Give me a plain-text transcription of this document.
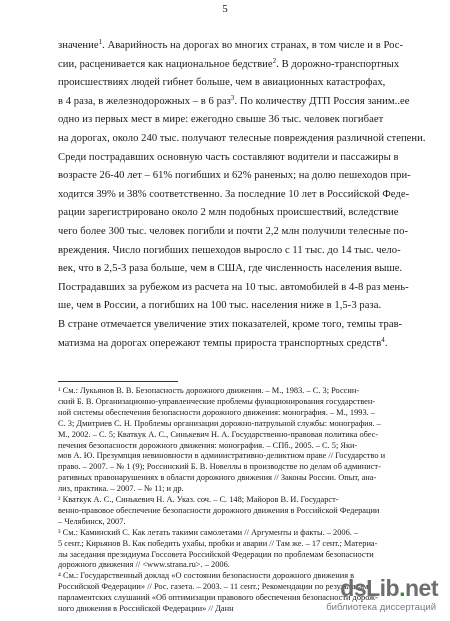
5
значение$^1$. Аварийность на дорогах во многих странах, в том числе и в Рос-
сии, расценивается как национальное бедствие$^2$. В дорожно-транспортных
происшествиях людей гибнет больше, чем в авиационных катастрофах,
в 4 раза, в железнодорожных – в 6 раз$^3$. По количеству ДТП Россия заним..ее
одно из первых мест в мире: ежегодно свыше 36 тыс. человек погибает
на дорогах, около 240 тыс. получают телесные повреждения различной степени.
Среди пострадавших основную часть составляют водители и пассажиры в
возрасте 26-40 лет – 61% погибших и 62% раненых; на долю пешеходов при-
ходится 39% и 38% соответственно. За последние 10 лет в Российской Феде-
рации зарегистрировано около 2 млн подобных происшествий, вследствие
чего более 300 тыс. человек погибли и почти 2,2 млн получили телесные по-
вреждения. Число погибших пешеходов выросло с 11 тыс. до 14 тыс. чело-
век, что в 2,5-3 раза больше, чем в США, где численность населения выше.
Пострадавших за рубежом из расчета на 10 тыс. автомобилей в 4-8 раз мень-
ше, чем в России, а погибших на 100 тыс. населения ниже в 1,5-3 раза.
В стране отмечается увеличение этих показателей, кроме того, темпы трав-
матизма на дорогах опережают темпы прироста транспортных средств$^4$.
¹ См.: Лукьянов В. В. Безопасность дорожного движения. – М., 1983. – С. 3; Россин-
ский Б. В. Организационно-управленческие проблемы функционирования государствен-
ной системы обеспечения безопасности дорожного движения: монография. – М., 1993. –
С. 3; Дмитриев С. Н. Проблемы организации дорожно-патрульной службы: монография. –
М., 2002. – С. 5; Кваткук А. С., Синькевич Н. А. Государственно-правовая политика обес-
печения безопасности дорожного движения: монография. – СПб., 2005. – С. 5; Яки-
мов А. Ю. Презумпция невиновности в административно-деликтном праве // Государство и
право. – 2007. – № 1 (9); Россинский Б. В. Новеллы в производстве по делам об админист-
ративных правонарушениях в области дорожного движения // Законы России. Опыт, ана-
лиз, практика. – 2007. – № 11; и др.
² Кваткук А. С., Синькевич Н. А. Указ. соч. – С. 148; Майоров В. И. Государст-
венно-правовое обеспечение безопасности дорожного движения в Российской Федерации
– Челябинск, 2007.
³ См.: Каминский С. Как летать такими самолетами // Аргументы и факты. – 2006. –
5 сент.; Кирьянов В. Как победить ухабы, пробки и аварии // Там же. – 17 сент.; Материа-
лы заседания президиума Госсовета Российской Федерации по проблемам безопасности
дорожного движения // <www.strana.ru>. – 2006.
⁴ См.: Государственный доклад «О состоянии безопасности дорожного движения в
Российской Федерации» // Рос. газета. – 2003. – 11 сент.; Рекомендации по результатам
парламентских слушаний «Об оптимизации правового обеспечения безопасности дорож-
ного движения в Российской Федерации» // Данн
dsLib.net
библиотека диссертаций
